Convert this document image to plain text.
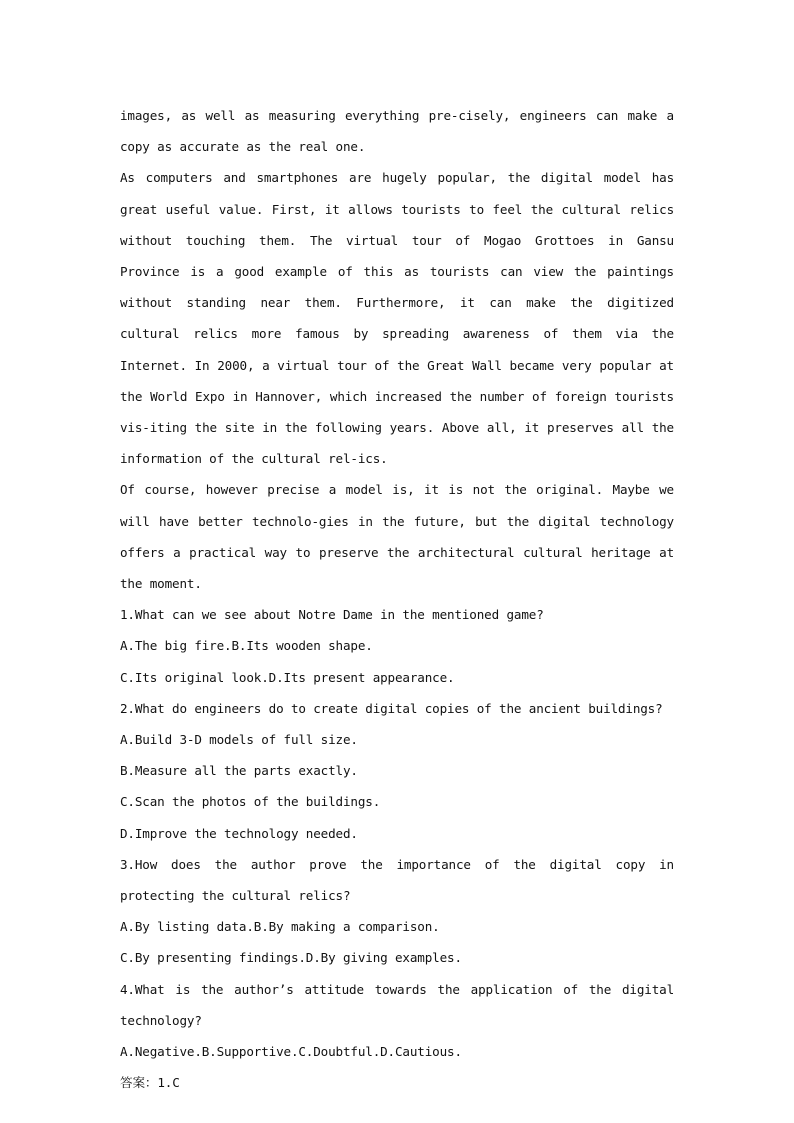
images, as well as measuring everything pre-cisely, engineers can make a copy as accurate as the real one.

As computers and smartphones are hugely popular, the digital model has great useful value. First, it allows tourists to feel the cultural relics without touching them. The virtual tour of Mogao Grottoes in Gansu Province is a good example of this as tourists can view the paintings without standing near them. Furthermore, it can make the digitized cultural relics more famous by spreading awareness of them via the Internet. In 2000, a virtual tour of the Great Wall became very popular at the World Expo in Hannover, which increased the number of foreign tourists vis-iting the site in the following years. Above all, it preserves all the information of the cultural rel-ics.

Of course, however precise a model is, it is not the original. Maybe we will have better technolo-gies in the future, but the digital technology offers a practical way to preserve the architectural cultural heritage at the moment.

1.What can we see about Notre Dame in the mentioned game?

A.The big fire.B.Its wooden shape.

C.Its original look.D.Its present appearance.

2.What do engineers do to create digital copies of the ancient buildings?

A.Build 3-D models of full size.

B.Measure all the parts exactly.

C.Scan the photos of the buildings.

D.Improve the technology needed.

3.How does the author prove the importance of the digital copy in protecting the cultural relics?

A.By listing data.B.By making a comparison.

C.By presenting findings.D.By giving examples.

4.What is the author’s attitude towards the application of the digital technology?

A.Negative.B.Supportive.C.Doubtful.D.Cautious.

答案：1.C
